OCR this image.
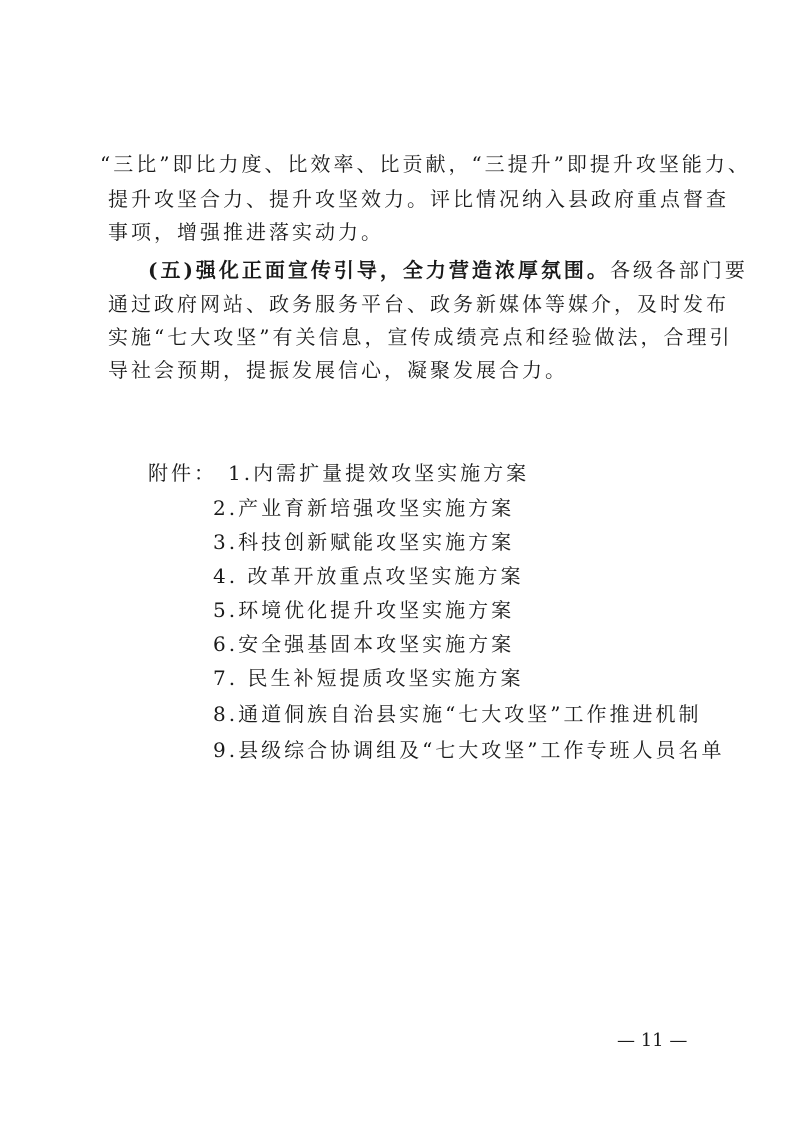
“三比”即比力度、比效率、比贡献，“三提升”即提升攻坚能力、
提升攻坚合力、提升攻坚效力。评比情况纳入县政府重点督查
事项，增强推进落实动力。
(五)强化正面宣传引导，全力营造浓厚氛围。各级各部门要
通过政府网站、政务服务平台、政务新媒体等媒介，及时发布
实施“七大攻坚”有关信息，宣传成绩亮点和经验做法，合理引
导社会预期，提振发展信心，凝聚发展合力。
附件： 1.内需扩量提效攻坚实施方案
2.产业育新培强攻坚实施方案
3.科技创新赋能攻坚实施方案
4. 改革开放重点攻坚实施方案
5.环境优化提升攻坚实施方案
6.安全强基固本攻坚实施方案
7. 民生补短提质攻坚实施方案
8.通道侗族自治县实施“七大攻坚”工作推进机制
9.县级综合协调组及“七大攻坚”工作专班人员名单
— 11 —
